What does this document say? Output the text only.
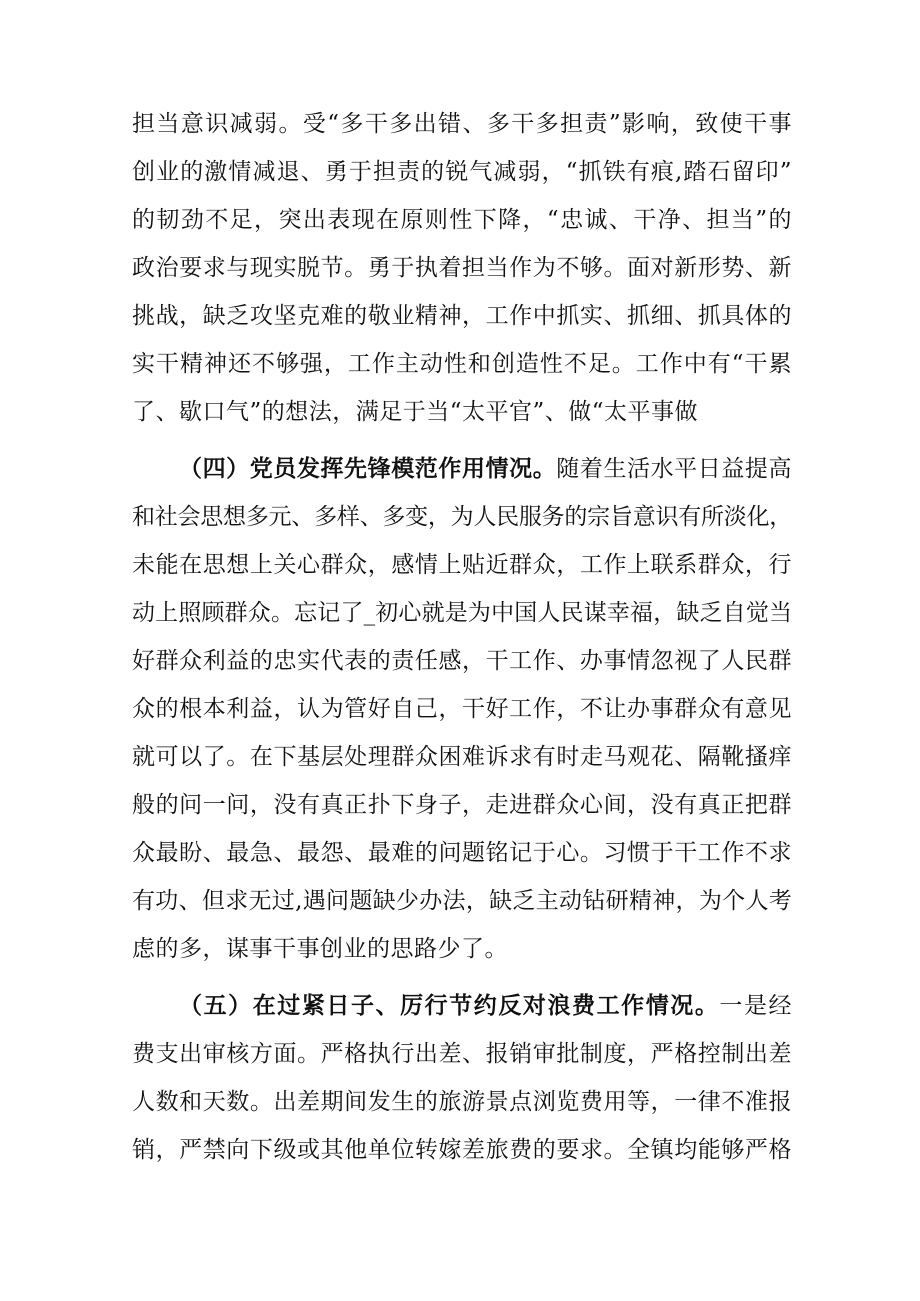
担当意识减弱。受“多干多出错、多干多担责”影响，致使干事
创业的激情减退、勇于担责的锐气减弱，“抓铁有痕,踏石留印”
的韧劲不足，突出表现在原则性下降，“忠诚、干净、担当”的
政治要求与现实脱节。勇于执着担当作为不够。面对新形势、新
挑战，缺乏攻坚克难的敬业精神，工作中抓实、抓细、抓具体的
实干精神还不够强，工作主动性和创造性不足。工作中有“干累
了、歇口气”的想法，满足于当“太平官”、做“太平事做
（四）党员发挥先锋模范作用情况。随着生活水平日益提高
和社会思想多元、多样、多变，为人民服务的宗旨意识有所淡化，
未能在思想上关心群众，感情上贴近群众，工作上联系群众，行
动上照顾群众。忘记了_初心就是为中国人民谋幸福，缺乏自觉当
好群众利益的忠实代表的责任感，干工作、办事情忽视了人民群
众的根本利益，认为管好自己，干好工作，不让办事群众有意见
就可以了。在下基层处理群众困难诉求有时走马观花、隔靴搔痒
般的问一问，没有真正扑下身子，走进群众心间，没有真正把群
众最盼、最急、最怨、最难的问题铭记于心。习惯于干工作不求
有功、但求无过,遇问题缺少办法，缺乏主动钻研精神，为个人考
虑的多，谋事干事创业的思路少了。
（五）在过紧日子、厉行节约反对浪费工作情况。一是经
费支出审核方面。严格执行出差、报销审批制度，严格控制出差
人数和天数。出差期间发生的旅游景点浏览费用等，一律不准报
销，严禁向下级或其他单位转嫁差旅费的要求。全镇均能够严格
